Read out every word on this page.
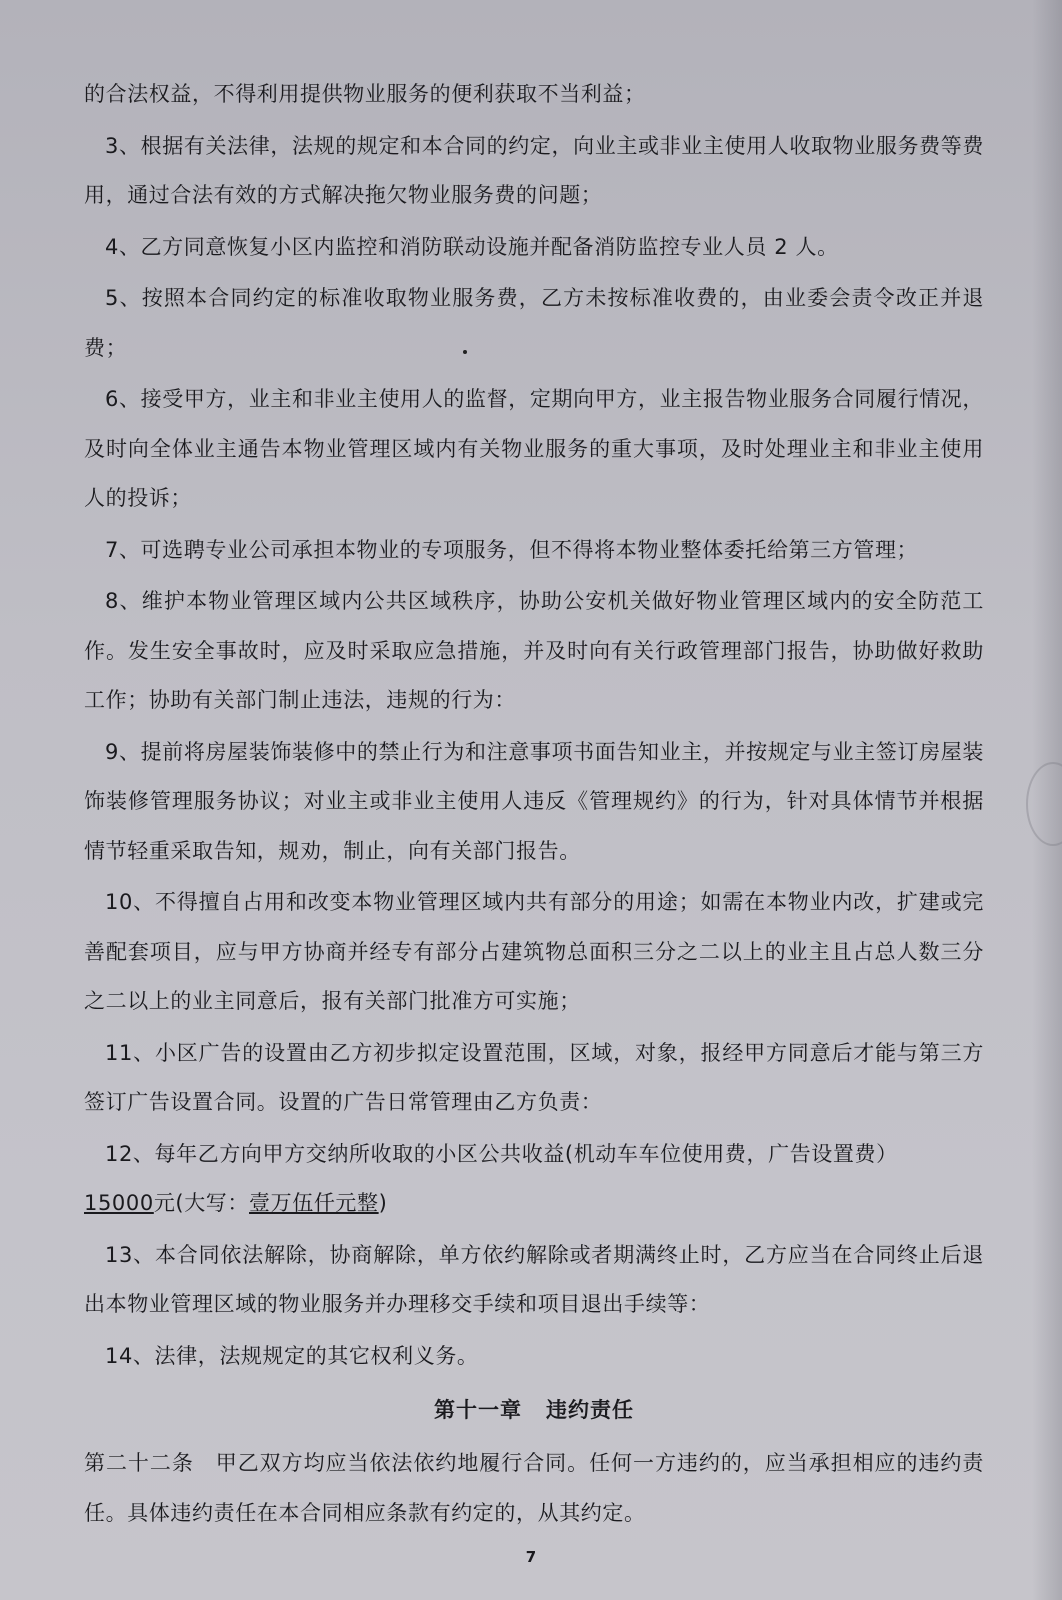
的合法权益，不得利用提供物业服务的便利获取不当利益；

3、根据有关法律，法规的规定和本合同的约定，向业主或非业主使用人收取物业服务费等费用，通过合法有效的方式解决拖欠物业服务费的问题；

4、乙方同意恢复小区内监控和消防联动设施并配备消防监控专业人员 2 人。

5、按照本合同约定的标准收取物业服务费，乙方未按标准收费的，由业委会责令改正并退费；

6、接受甲方，业主和非业主使用人的监督，定期向甲方，业主报告物业服务合同履行情况，及时向全体业主通告本物业管理区域内有关物业服务的重大事项，及时处理业主和非业主使用人的投诉；

7、可选聘专业公司承担本物业的专项服务，但不得将本物业整体委托给第三方管理；

8、维护本物业管理区域内公共区域秩序，协助公安机关做好物业管理区域内的安全防范工作。发生安全事故时，应及时采取应急措施，并及时向有关行政管理部门报告，协助做好救助工作；协助有关部门制止违法，违规的行为：

9、提前将房屋装饰装修中的禁止行为和注意事项书面告知业主，并按规定与业主签订房屋装饰装修管理服务协议；对业主或非业主使用人违反《管理规约》的行为，针对具体情节并根据情节轻重采取告知，规劝，制止，向有关部门报告。

10、不得擅自占用和改变本物业管理区域内共有部分的用途；如需在本物业内改，扩建或完善配套项目，应与甲方协商并经专有部分占建筑物总面积三分之二以上的业主且占总人数三分之二以上的业主同意后，报有关部门批准方可实施；

11、小区广告的设置由乙方初步拟定设置范围，区域，对象，报经甲方同意后才能与第三方签订广告设置合同。设置的广告日常管理由乙方负责：

12、每年乙方向甲方交纳所收取的小区公共收益(机动车车位使用费，广告设置费）
15000元(大写：壹万伍仟元整)

13、本合同依法解除，协商解除，单方依约解除或者期满终止时，乙方应当在合同终止后退出本物业管理区域的物业服务并办理移交手续和项目退出手续等：

14、法律，法规规定的其它权利义务。

第十一章 违约责任

第二十二条　甲乙双方均应当依法依约地履行合同。任何一方违约的，应当承担相应的违约责任。具体违约责任在本合同相应条款有约定的，从其约定。

7
